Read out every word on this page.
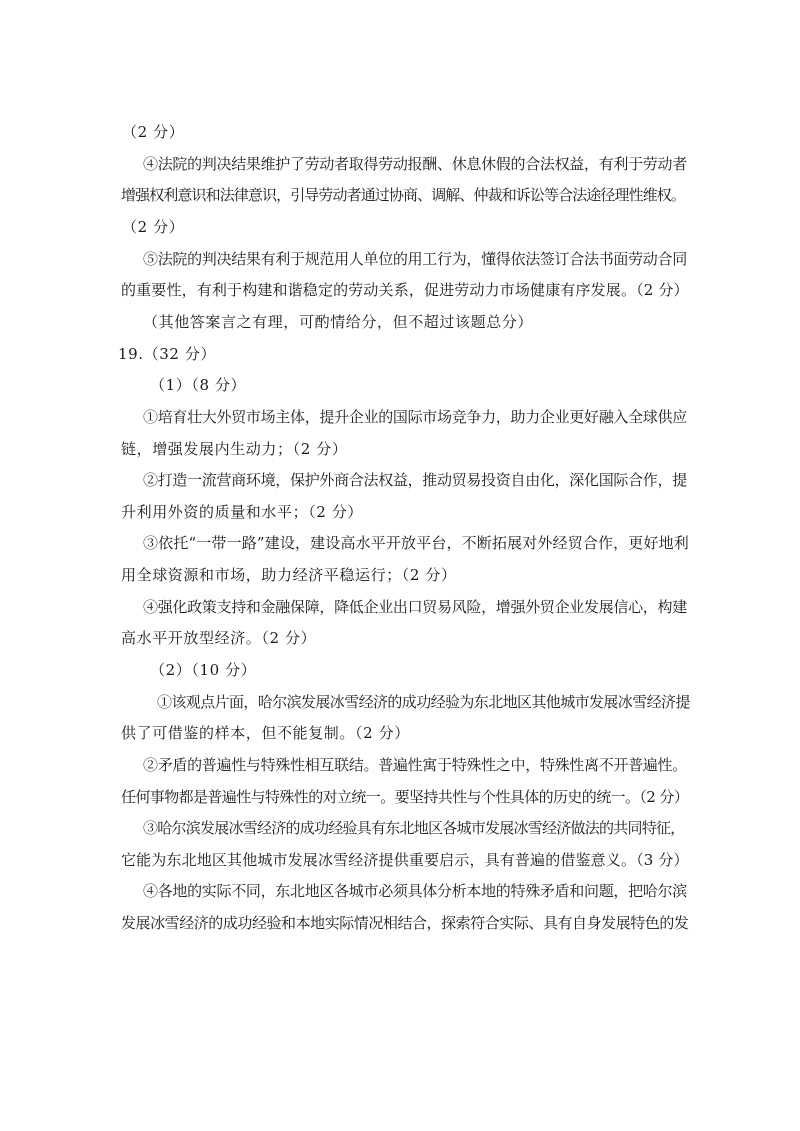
（2 分）
④法院的判决结果维护了劳动者取得劳动报酬、休息休假的合法权益，有利于劳动者
增强权利意识和法律意识，引导劳动者通过协商、调解、仲裁和诉讼等合法途径理性维权。
（2 分）
⑤法院的判决结果有利于规范用人单位的用工行为，懂得依法签订合法书面劳动合同
的重要性，有利于构建和谐稳定的劳动关系，促进劳动力市场健康有序发展。（2 分）
（其他答案言之有理，可酌情给分，但不超过该题总分）
19.（32 分）
（1）（8 分）
①培育壮大外贸市场主体，提升企业的国际市场竞争力，助力企业更好融入全球供应
链，增强发展内生动力；（2 分）
②打造一流营商环境，保护外商合法权益，推动贸易投资自由化，深化国际合作，提
升利用外资的质量和水平；（2 分）
③依托“一带一路”建设，建设高水平开放平台，不断拓展对外经贸合作，更好地利
用全球资源和市场，助力经济平稳运行；（2 分）
④强化政策支持和金融保障，降低企业出口贸易风险，增强外贸企业发展信心，构建
高水平开放型经济。（2 分）
（2）（10 分）
①该观点片面，哈尔滨发展冰雪经济的成功经验为东北地区其他城市发展冰雪经济提
供了可借鉴的样本，但不能复制。（2 分）
②矛盾的普遍性与特殊性相互联结。普遍性寓于特殊性之中，特殊性离不开普遍性。
任何事物都是普遍性与特殊性的对立统一。要坚持共性与个性具体的历史的统一。（2 分）
③哈尔滨发展冰雪经济的成功经验具有东北地区各城市发展冰雪经济做法的共同特征，
它能为东北地区其他城市发展冰雪经济提供重要启示，具有普遍的借鉴意义。（3 分）
④各地的实际不同，东北地区各城市必须具体分析本地的特殊矛盾和问题，把哈尔滨
发展冰雪经济的成功经验和本地实际情况相结合，探索符合实际、具有自身发展特色的发
